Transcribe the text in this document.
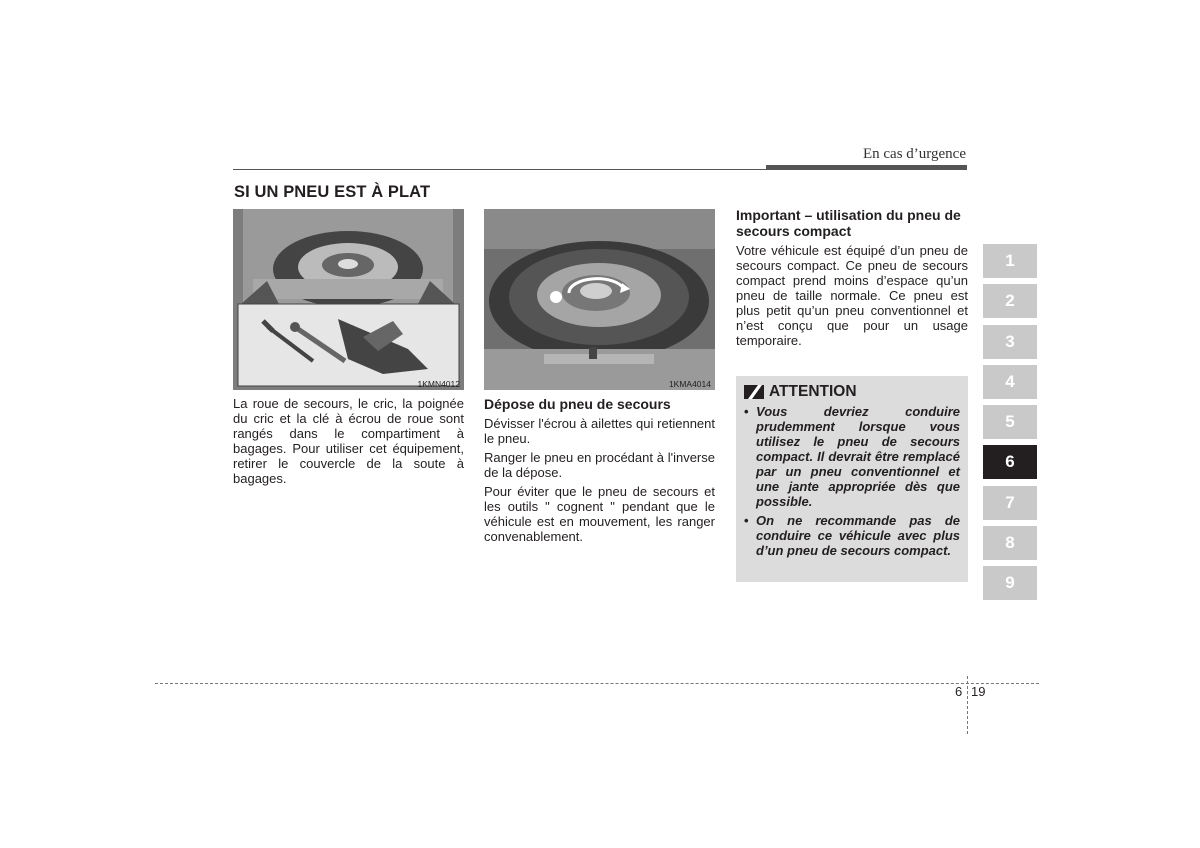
En cas d’urgence
SI UN PNEU EST À PLAT
1KMN4012	1KMA4014

La roue de secours, le cric, la poignée du cric et la clé à écrou de roue sont rangés dans le compartiment à bagages. Pour utiliser cet équipement, retirer le couvercle de la soute à bagages.

Dépose du pneu de secours

Dévisser l'écrou à ailettes qui retiennent le pneu.

Ranger le pneu en procédant à l'inverse de la dépose.

Pour éviter que le pneu de secours et les outils " cognent " pendant que le véhicule est en mouvement, les ranger convenablement.

Important – utilisation du pneu de secours compact

Votre véhicule est équipé d’un pneu de secours compact. Ce pneu de secours compact prend moins d’espace qu’un pneu de taille normale. Ce pneu est plus petit qu’un pneu conventionnel et n’est conçu que pour un usage temporaire.

ATTENTION
• Vous devriez conduire prudemment lorsque vous utilisez le pneu de secours compact. Il devrait être remplacé par un pneu conventionnel et une jante appropriée dès que possible.
• On ne recommande pas de conduire ce véhicule avec plus d’un pneu de secours compact.
1
2
3
4
5
6
7
8
9
6 19
